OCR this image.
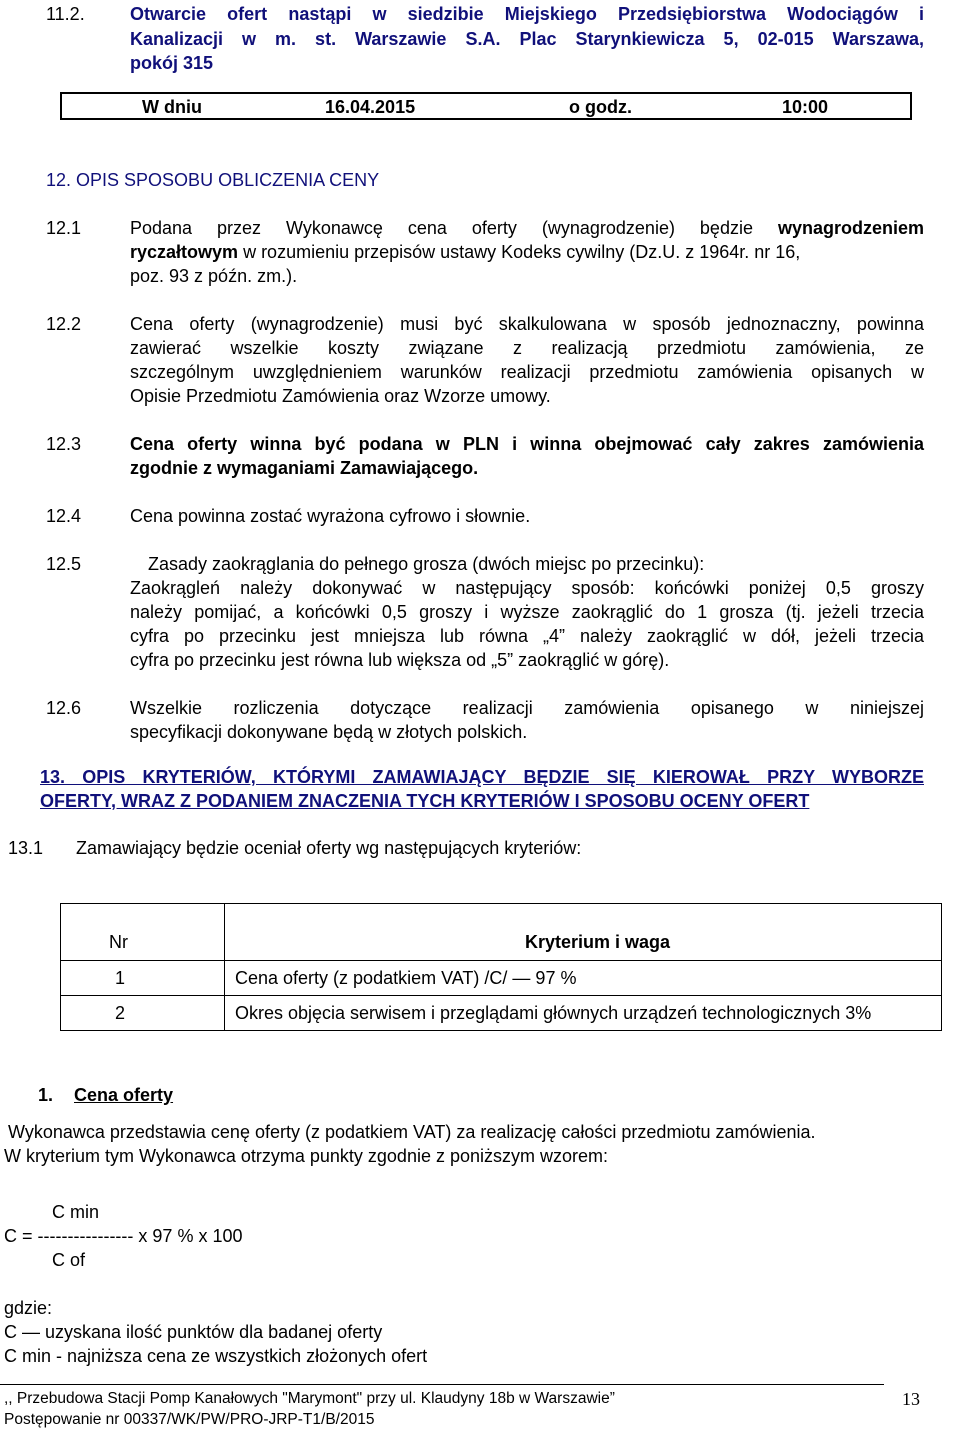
11.2.	Otwarcie ofert nastąpi w siedzibie Miejskiego Przedsiębiorstwa Wodociągów i
Kanalizacji w m. st. Warszawie S.A. Plac Starynkiewicza 5, 02-015 Warszawa,
pokój 315
W dniu	16.04.2015	o godz.	10:00
12. OPIS SPOSOBU OBLICZENIA CENY
12.1	Podana przez Wykonawcę cena oferty (wynagrodzenie) będzie wynagrodzeniem
ryczałtowym w rozumieniu przepisów ustawy Kodeks cywilny (Dz.U. z 1964r. nr 16,
poz. 93 z późn. zm.).
12.2	Cena oferty (wynagrodzenie) musi być skalkulowana w sposób jednoznaczny, powinna
zawierać wszelkie koszty związane z realizacją przedmiotu zamówienia, ze
szczególnym uwzględnieniem warunków realizacji przedmiotu zamówienia opisanych w
Opisie Przedmiotu Zamówienia oraz Wzorze umowy.
12.3	Cena oferty winna być podana w PLN i winna obejmować cały zakres zamówienia
zgodnie z wymaganiami Zamawiającego.
12.4	Cena powinna zostać wyrażona cyfrowo i słownie.
12.5	Zasady zaokrąglania do pełnego grosza (dwóch miejsc po przecinku):
Zaokrągleń należy dokonywać w następujący sposób: końcówki poniżej 0,5 groszy
należy pomijać, a końcówki 0,5 groszy i wyższe zaokrąglić do 1 grosza (tj. jeżeli trzecia
cyfra po przecinku jest mniejsza lub równa „4” należy zaokrąglić w dół, jeżeli trzecia
cyfra po przecinku jest równa lub większa od „5” zaokrąglić w górę).
12.6	Wszelkie rozliczenia dotyczące realizacji zamówienia opisanego w niniejszej
specyfikacji dokonywane będą w złotych polskich.
13. OPIS KRYTERIÓW, KTÓRYMI ZAMAWIAJĄCY BĘDZIE SIĘ KIEROWAŁ PRZY WYBORZE
OFERTY, WRAZ Z PODANIEM ZNACZENIA TYCH KRYTERIÓW I SPOSOBU OCENY OFERT
13.1 Zamawiający będzie oceniał oferty wg następujących kryteriów:
Nr	Kryterium i waga
1	Cena oferty (z podatkiem VAT) /C/ — 97 %
2	Okres objęcia serwisem i przeglądami głównych urządzeń technologicznych 3%
1. Cena oferty
Wykonawca przedstawia cenę oferty (z podatkiem VAT) za realizację całości przedmiotu zamówienia.
W kryterium tym Wykonawca otrzyma punkty zgodnie z poniższym wzorem:
C min
C = ---------------- x 97 % x 100
C of
gdzie:
C — uzyskana ilość punktów dla badanej oferty
C min - najniższa cena ze wszystkich złożonych ofert
,, Przebudowa Stacji Pomp Kanałowych "Marymont" przy ul. Klaudyny 18b w Warszawie”
Postępowanie nr 00337/WK/PW/PRO-JRP-T1/B/2015
13
